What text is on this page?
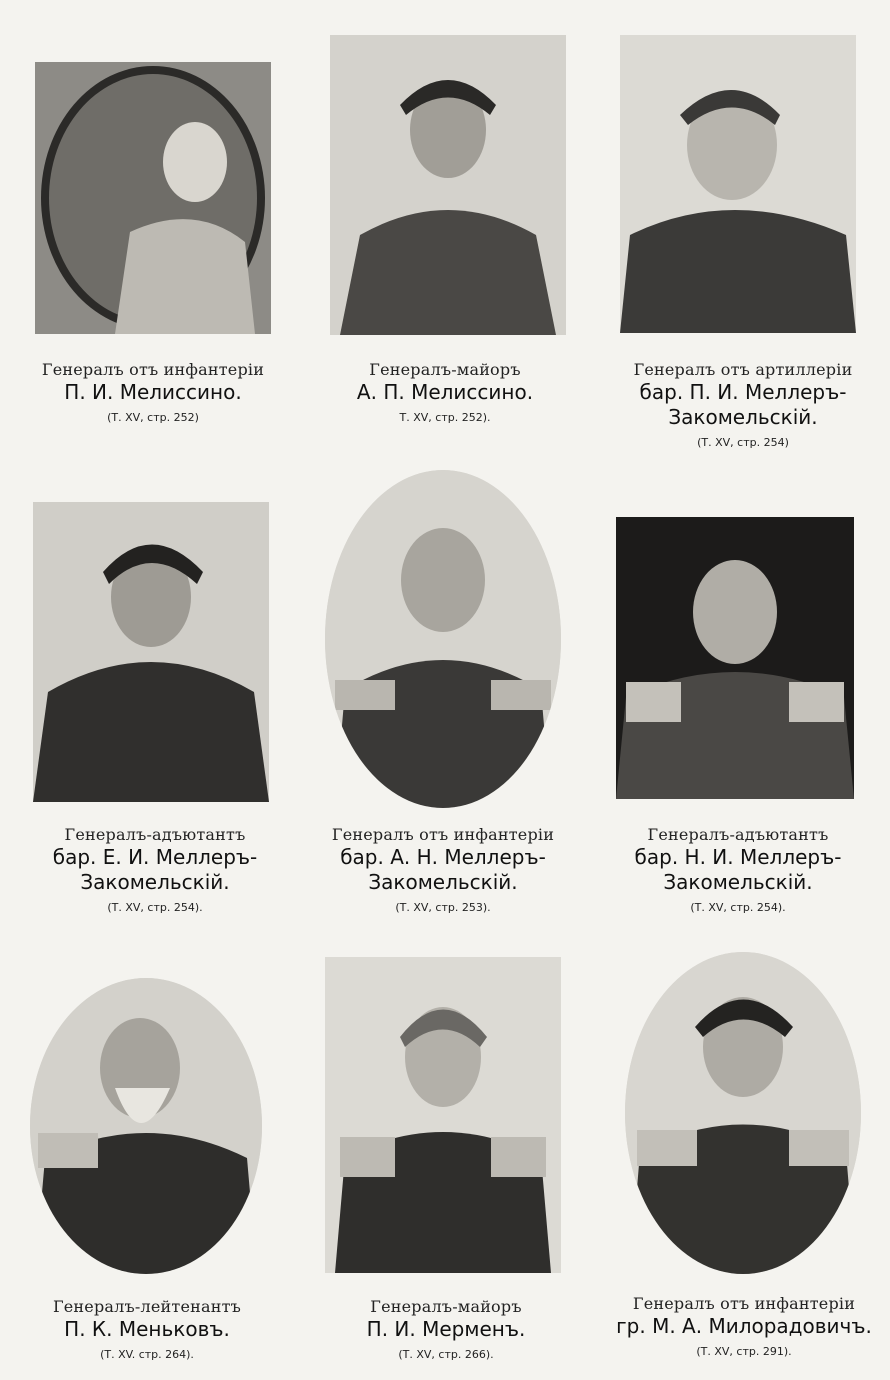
Генералъ отъ инфантеріи
П. И. Мелиссино.
(Т. XV, стр. 252)
Генералъ-майоръ
А. П. Мелиссино.
Т. XV, стр. 252).
Генералъ отъ артиллеріи
бар. П. И. Меллеръ-
Закомельскій.
(Т. XV, стр. 254)
Генералъ-адъютантъ
бар. Е. И. Меллеръ-
Закомельскій.
(Т. XV, стр. 254).
Генералъ отъ инфантеріи
бар. А. Н. Меллеръ-
Закомельскій.
(Т. XV, стр. 253).
Генералъ-адъютантъ
бар. Н. И. Меллеръ-
Закомельскій.
(Т. XV, стр. 254).
Генералъ-лейтенантъ
П. К. Меньковъ.
(Т. XV. стр. 264).
Генералъ-майоръ
П. И. Мерменъ.
(Т. XV, стр. 266).
Генералъ отъ инфантеріи
гр. М. А. Милорадовичъ.
(Т. XV, стр. 291).
